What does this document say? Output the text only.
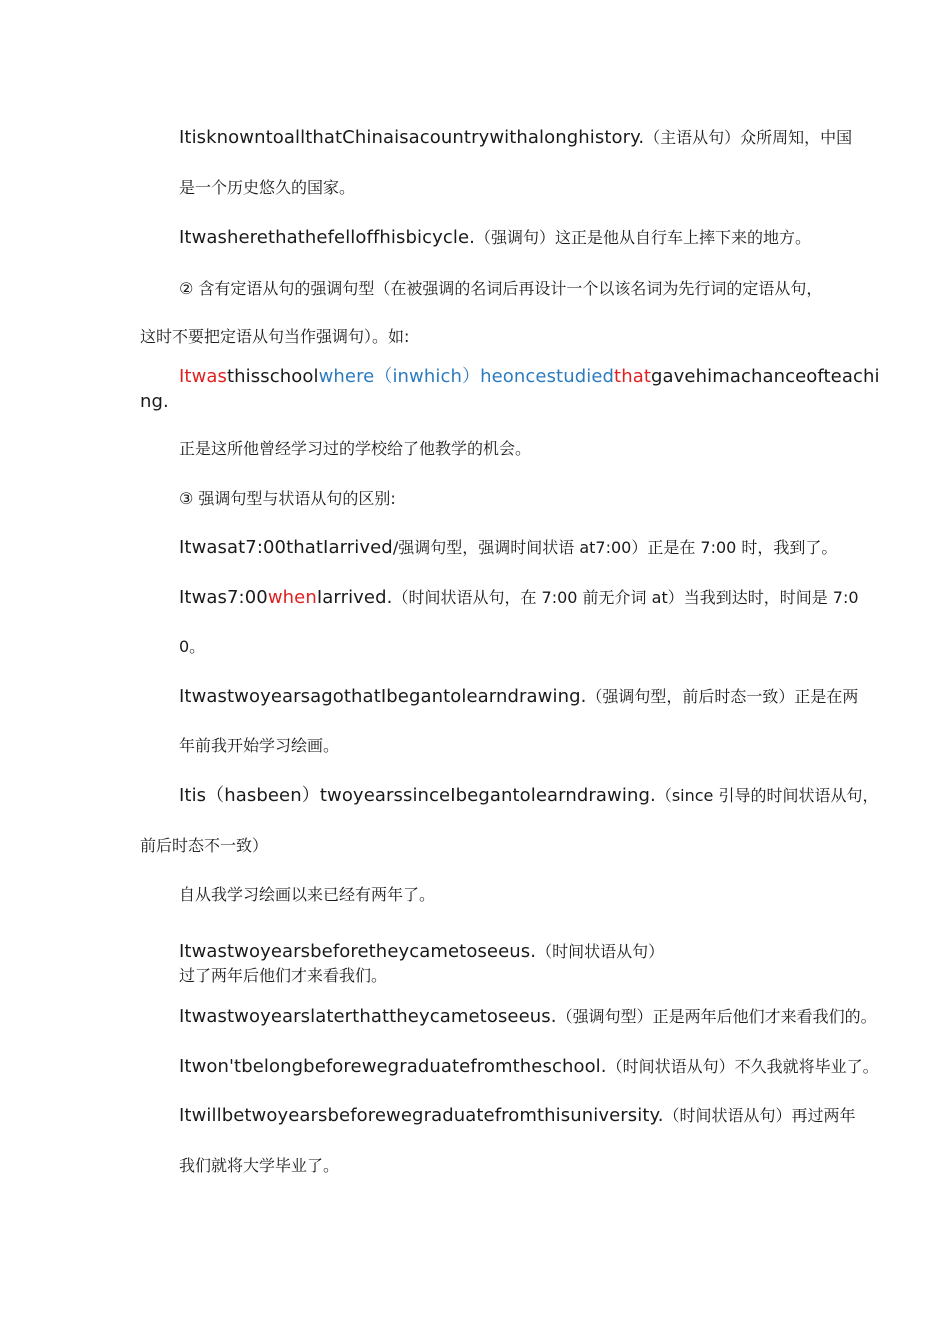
ItisknowntoallthatChinaisacountrywithalonghistory.（主语从句）众所周知，中国

是一个历史悠久的国家。

Itwasherethathefelloffhisbicycle.（强调句）这正是他从自行车上摔下来的地方。

② 含有定语从句的强调句型（在被强调的名词后再设计一个以该名词为先行词的定语从句，

这时不要把定语从句当作强调句）。如:

Itwasthisschoolwhere（inwhich）heoncestudiedthatgavehimachanceofteachi

ng.

正是这所他曾经学习过的学校给了他教学的机会。

③ 强调句型与状语从句的区别:

Itwasat7:00thatIarrived/强调句型，强调时间状语 at7:00）正是在 7:00 时，我到了。

Itwas7:00whenIarrived.（时间状语从句，在 7:00 前无介词 at）当我到达时，时间是 7:0

0。

ItwastwoyearsagothatIbegantolearndrawing.（强调句型，前后时态一致）正是在两

年前我开始学习绘画。

Itis（hasbeen）twoyearssinceIbegantolearndrawing.（since 引导的时间状语从句，

前后时态不一致）

自从我学习绘画以来已经有两年了。

Itwastwoyearsbeforetheycametoseeus.（时间状语从句）

过了两年后他们才来看我们。

Itwastwoyearslaterthattheycametoseeus.（强调句型）正是两年后他们才来看我们的。

Itwon'tbelongbeforewegraduatefromtheschool.（时间状语从句）不久我就将毕业了。

Itwillbetwoyearsbeforewegraduatefromthisuniversity.（时间状语从句）再过两年

我们就将大学毕业了。
